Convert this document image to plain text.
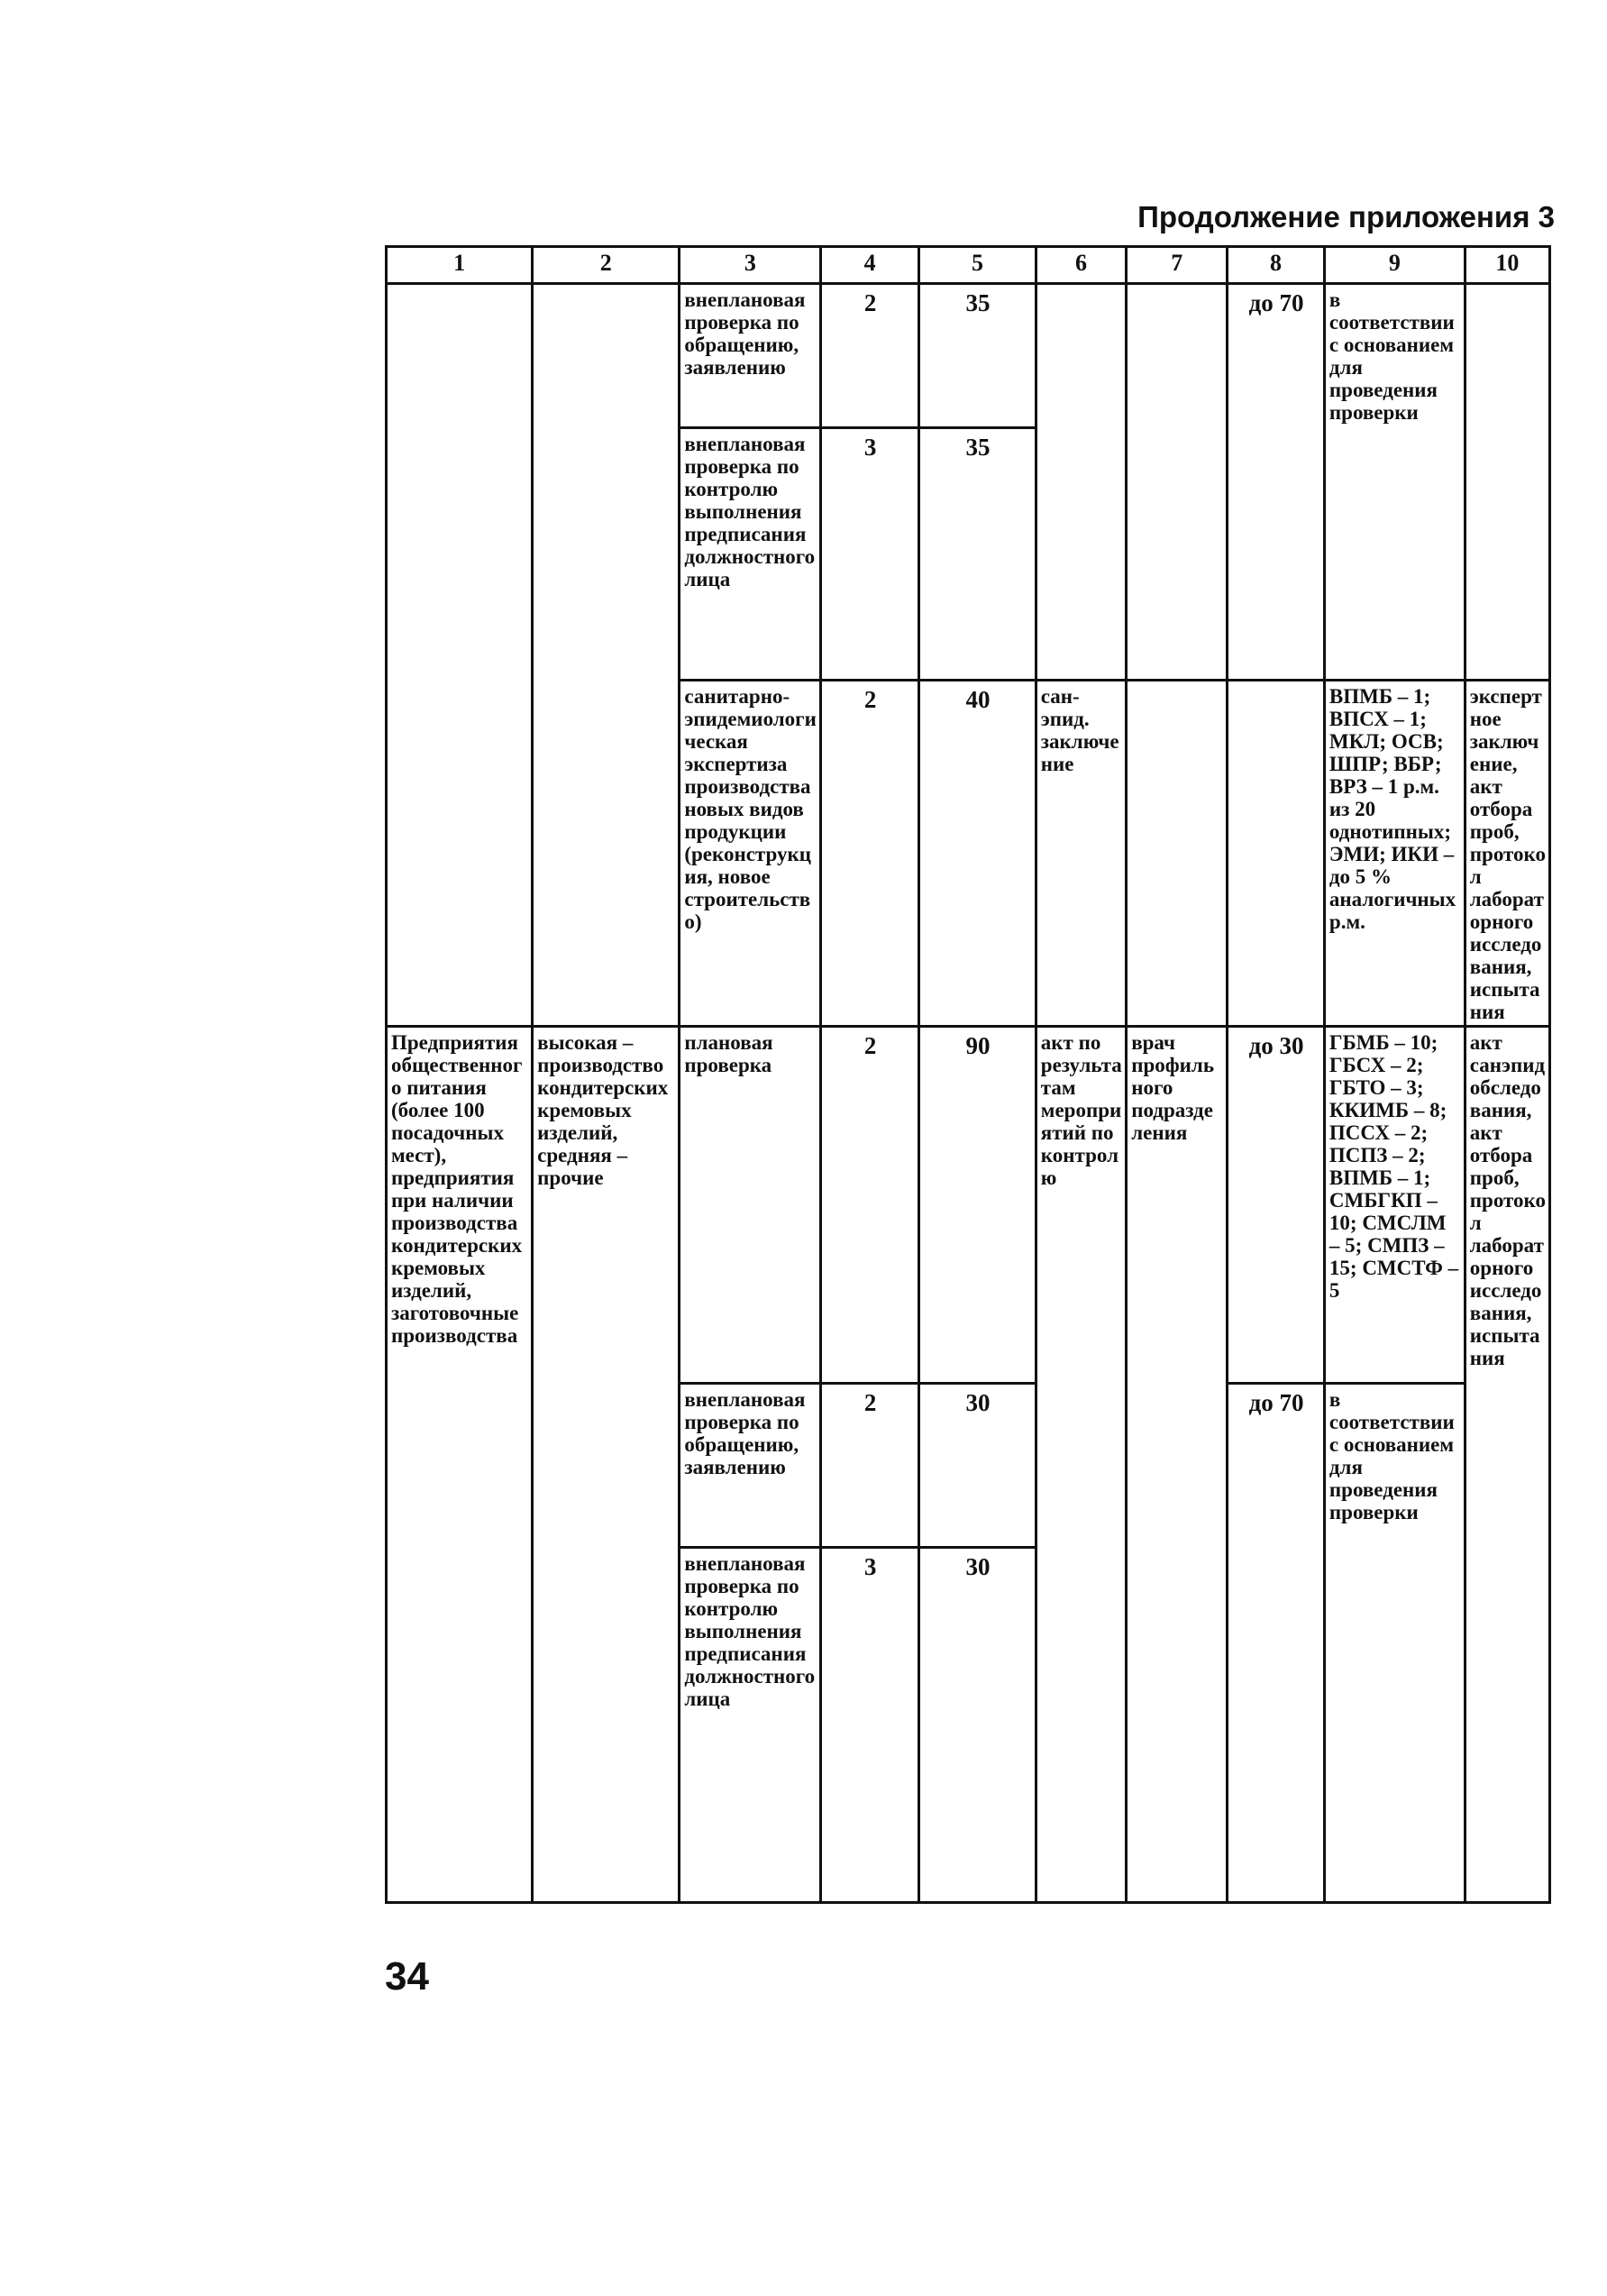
Продолжение приложения 3
1	2	3	4	5	6	7	8	9	10
		внеплановая проверка по обращению, заявлению	2	35			до 70	в соответствии с основанием для проведения проверки	
		внеплановая проверка по контролю выполнения предписания должностного лица	3	35					
		санитарно-эпидемиологическая экспертиза производства новых видов продукции (реконструкция, новое строительство)	2	40	сан-эпид. заключение			ВПМБ – 1; ВПСХ – 1; МКЛ; ОСВ; ШПР; ВБР; ВРЗ – 1 р.м. из 20 однотипных; ЭМИ; ИКИ – до 5 % аналогичных р.м.	экспертное заключение, акт отбора проб, протокол лабораторного исследования, испытания
Предприятия общественного питания (более 100 посадочных мест), предприятия при наличии производства кондитерских кремовых изделий, заготовочные производства	высокая – производство кондитерских кремовых изделий, средняя – прочие	плановая проверка	2	90	акт по результатам мероприятий по контролю	врач профильного подразделения	до 30	ГБМБ – 10; ГБСХ – 2; ГБТО – 3; ККИМБ – 8; ПССХ – 2; ПСПЗ – 2; ВПМБ – 1; СМБГКП – 10; СМСЛМ – 5; СМПЗ – 15; СМСТФ – 5	акт санэпидобследования, акт отбора проб, протокол лабораторного исследования, испытания
		внеплановая проверка по обращению, заявлению	2	30			до 70	в соответствии с основанием для проведения проверки	
		внеплановая проверка по контролю выполнения предписания должностного лица	3	30					
34
